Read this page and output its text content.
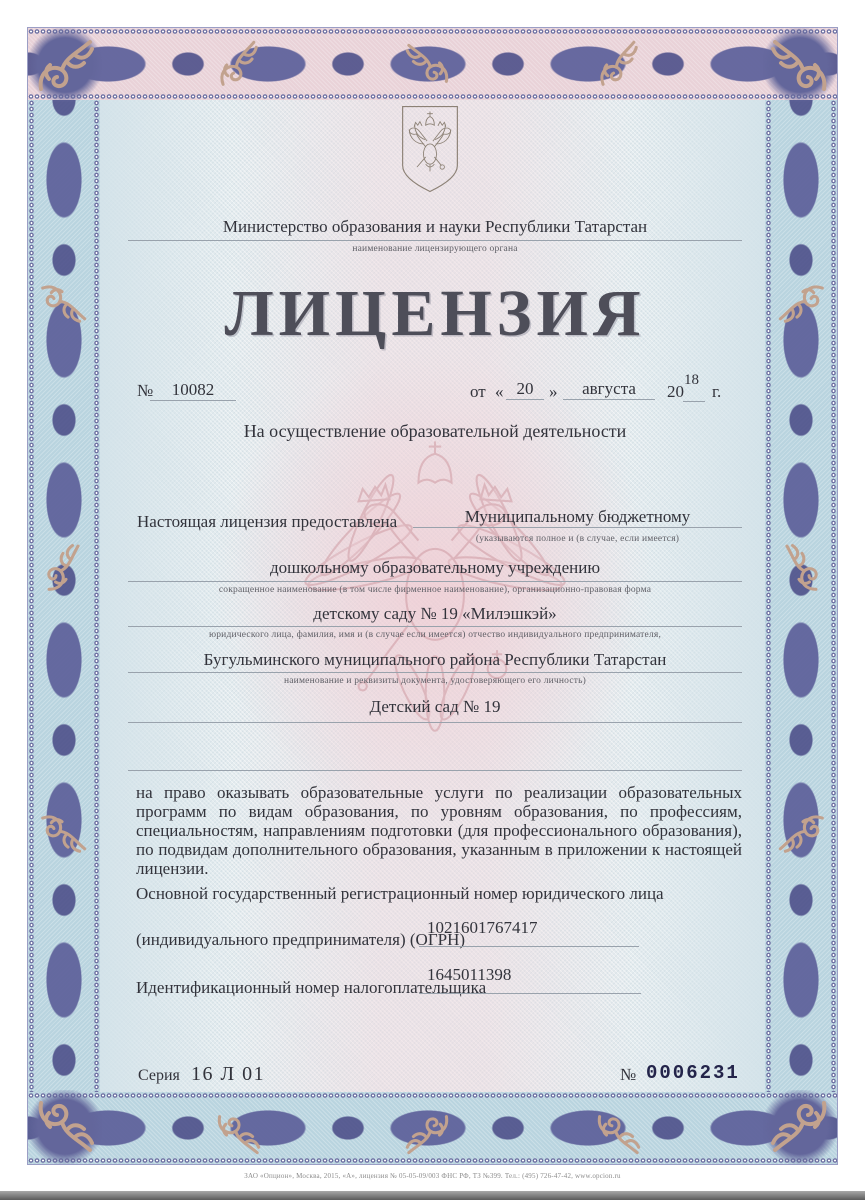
Министерство образования и науки Республики Татарстан
наименование лицензирующего органа
ЛИЦЕНЗИЯ
№	10082	от « 20 »	августа	20
18
г.
На осуществление образовательной деятельности
Настоящая лицензия предоставлена	Муниципальному бюджетному
(указываются полное и (в случае, если имеется)
дошкольному образовательному учреждению
сокращенное наименование (в том числе фирменное наименование), организационно-правовая форма
детскому саду № 19 «Милэшкэй»
юридического лица, фамилия, имя и (в случае если имеется) отчество индивидуального предпринимателя,
Бугульминского муниципального района Республики Татарстан
наименование и реквизиты документа, удостоверяющего его личность)
Детский сад № 19
на право оказывать образовательные услуги по реализации образовательных программ по видам образования, по уровням образования, по профессиям, специальностям, направлениям подготовки (для профессионального образования), по подвидам дополнительного образования, указанным в приложении к настоящей лицензии.
Основной государственный регистрационный номер юридического лица
1021601767417
(индивидуального предпринимателя) (ОГРН)
1645011398
Идентификационный номер налогоплательщика
Серия 16 Л 01	№ 0006231
ЗАО «Опцион», Москва, 2015, «А», лицензия № 05-05-09/003 ФНС РФ, ТЗ №399. Тел.: (495) 726-47-42, www.opcion.ru
